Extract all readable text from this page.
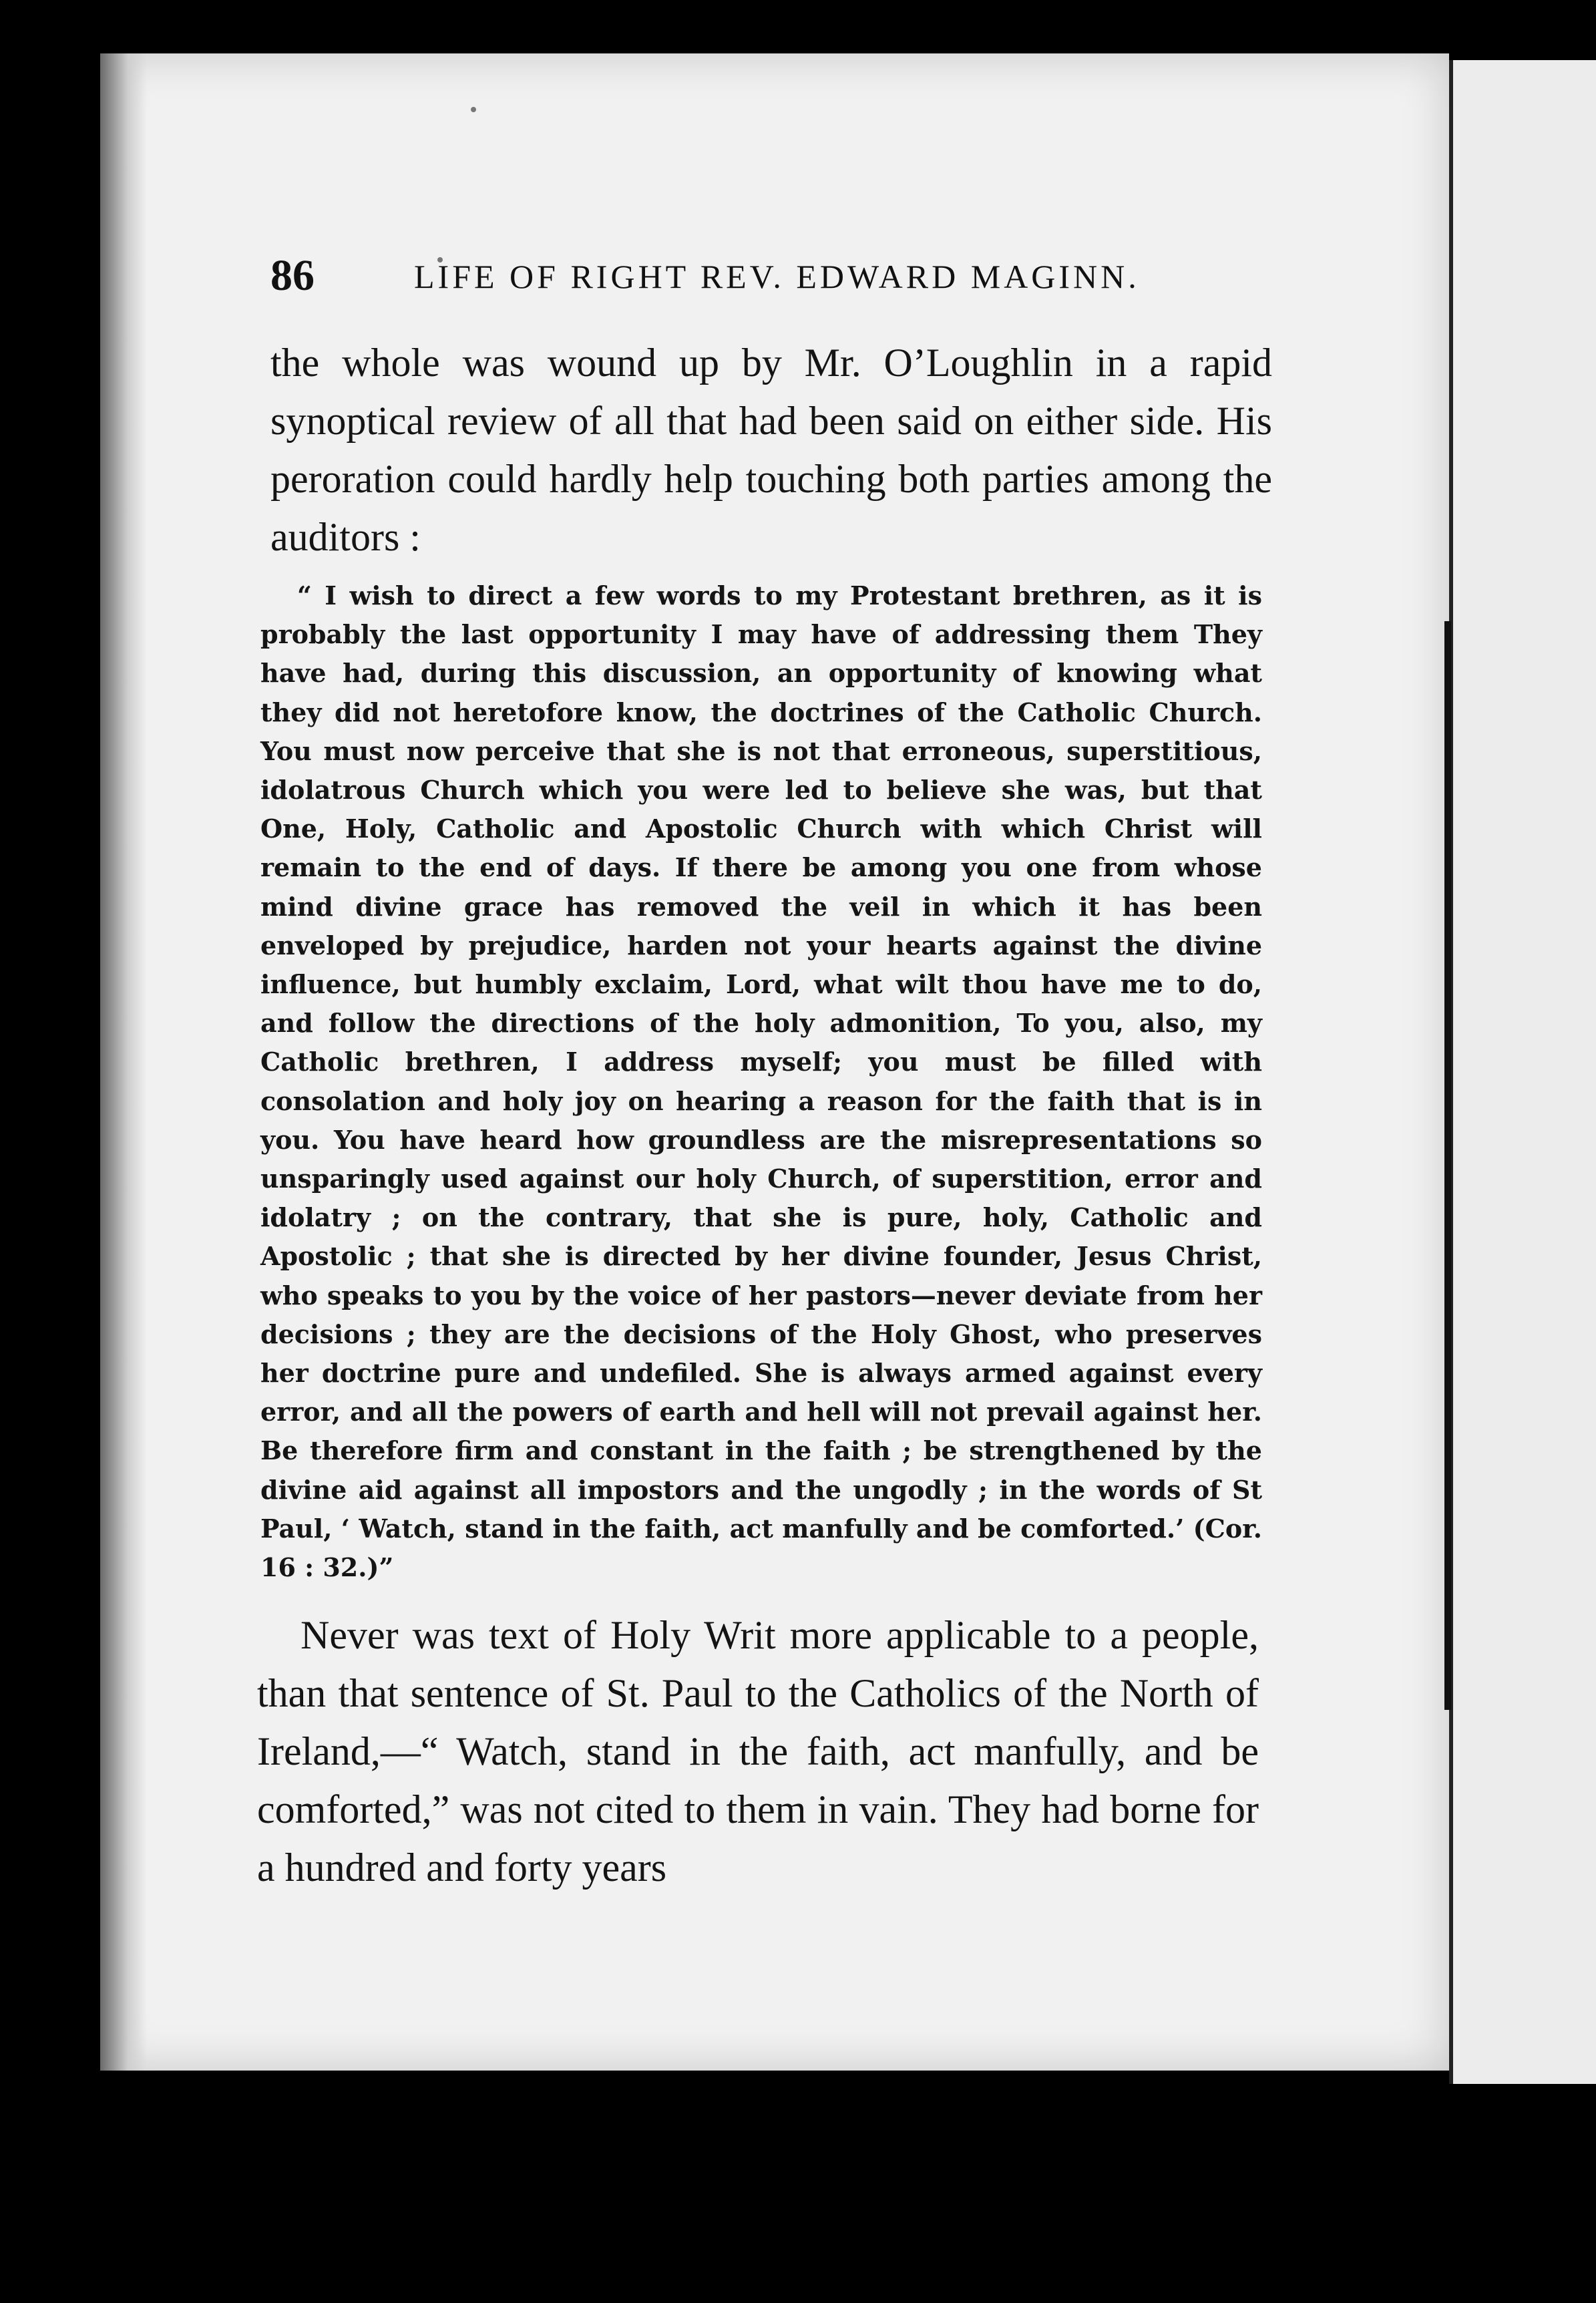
86	LIFE OF RIGHT REV. EDWARD MAGINN.

the whole was wound up by Mr. O’Loughlin in a rapid synoptical review of all that had been said on either side. His peroration could hardly help touching both parties among the auditors :

“ I wish to direct a few words to my Protestant brethren, as it is probably the last opportunity I may have of addressing them They have had, during this discussion, an opportunity of knowing what they did not heretofore know, the doctrines of the Catholic Church. You must now perceive that she is not that erroneous, superstitious, idolatrous Church which you were led to believe she was, but that One, Holy, Catholic and Apostolic Church with which Christ will remain to the end of days. If there be among you one from whose mind divine grace has removed the veil in which it has been enveloped by prejudice, harden not your hearts against the divine influence, but humbly exclaim, Lord, what wilt thou have me to do, and follow the directions of the holy admonition, To you, also, my Catholic brethren, I address myself; you must be filled with consolation and holy joy on hearing a reason for the faith that is in you. You have heard how groundless are the misrepresentations so unsparingly used against our holy Church, of superstition, error and idolatry ; on the contrary, that she is pure, holy, Catholic and Apostolic ; that she is directed by her divine founder, Jesus Christ, who speaks to you by the voice of her pastors—never deviate from her decisions ; they are the decisions of the Holy Ghost, who preserves her doctrine pure and undefiled. She is always armed against every error, and all the powers of earth and hell will not prevail against her. Be therefore firm and constant in the faith ; be strengthened by the divine aid against all impostors and the ungodly ; in the words of St Paul, ‘ Watch, stand in the faith, act manfully and be comforted.’ (Cor. 16 : 32.)”

Never was text of Holy Writ more applicable to a people, than that sentence of St. Paul to the Catholics of the North of Ireland,—“ Watch, stand in the faith, act manfully, and be comforted,” was not cited to them in vain. They had borne for a hundred and forty years
